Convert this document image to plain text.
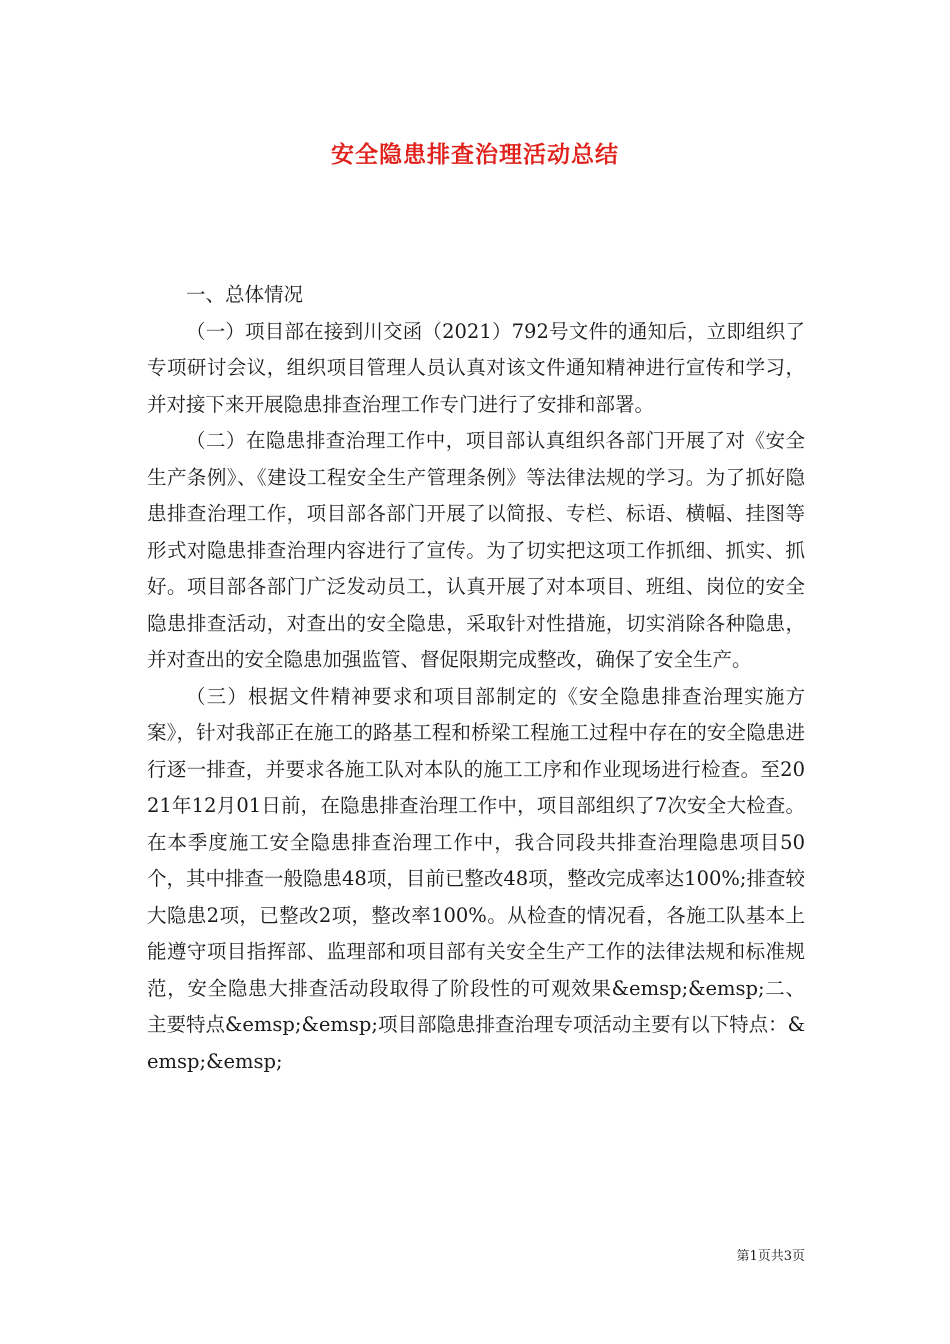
安全隐患排查治理活动总结

一、总体情况

（一）项目部在接到川交函（2021）792号文件的通知后，立即组织了专项研讨会议，组织项目管理人员认真对该文件通知精神进行宣传和学习，并对接下来开展隐患排查治理工作专门进行了安排和部署。

（二）在隐患排查治理工作中，项目部认真组织各部门开展了对《安全生产条例》、《建设工程安全生产管理条例》等法律法规的学习。为了抓好隐患排查治理工作，项目部各部门开展了以简报、专栏、标语、横幅、挂图等形式对隐患排查治理内容进行了宣传。为了切实把这项工作抓细、抓实、抓好。项目部各部门广泛发动员工，认真开展了对本项目、班组、岗位的安全隐患排查活动，对查出的安全隐患，采取针对性措施，切实消除各种隐患，并对查出的安全隐患加强监管、督促限期完成整改，确保了安全生产。

（三）根据文件精神要求和项目部制定的《安全隐患排查治理实施方案》，针对我部正在施工的路基工程和桥梁工程施工过程中存在的安全隐患进行逐一排查，并要求各施工队对本队的施工工序和作业现场进行检查。至2021年12月01日前，在隐患排查治理工作中，项目部组织了7次安全大检查。在本季度施工安全隐患排查治理工作中，我合同段共排查治理隐患项目50个，其中排查一般隐患48项，目前已整改48项，整改完成率达100%;排查较大隐患2项，已整改2项，整改率100%。从检查的情况看，各施工队基本上能遵守项目指挥部、监理部和项目部有关安全生产工作的法律法规和标准规范，安全隐患大排查活动段取得了阶段性的可观效果&emsp;&emsp;二、主要特点&emsp;&emsp;项目部隐患排查治理专项活动主要有以下特点：&emsp;&emsp;

第1页共3页
